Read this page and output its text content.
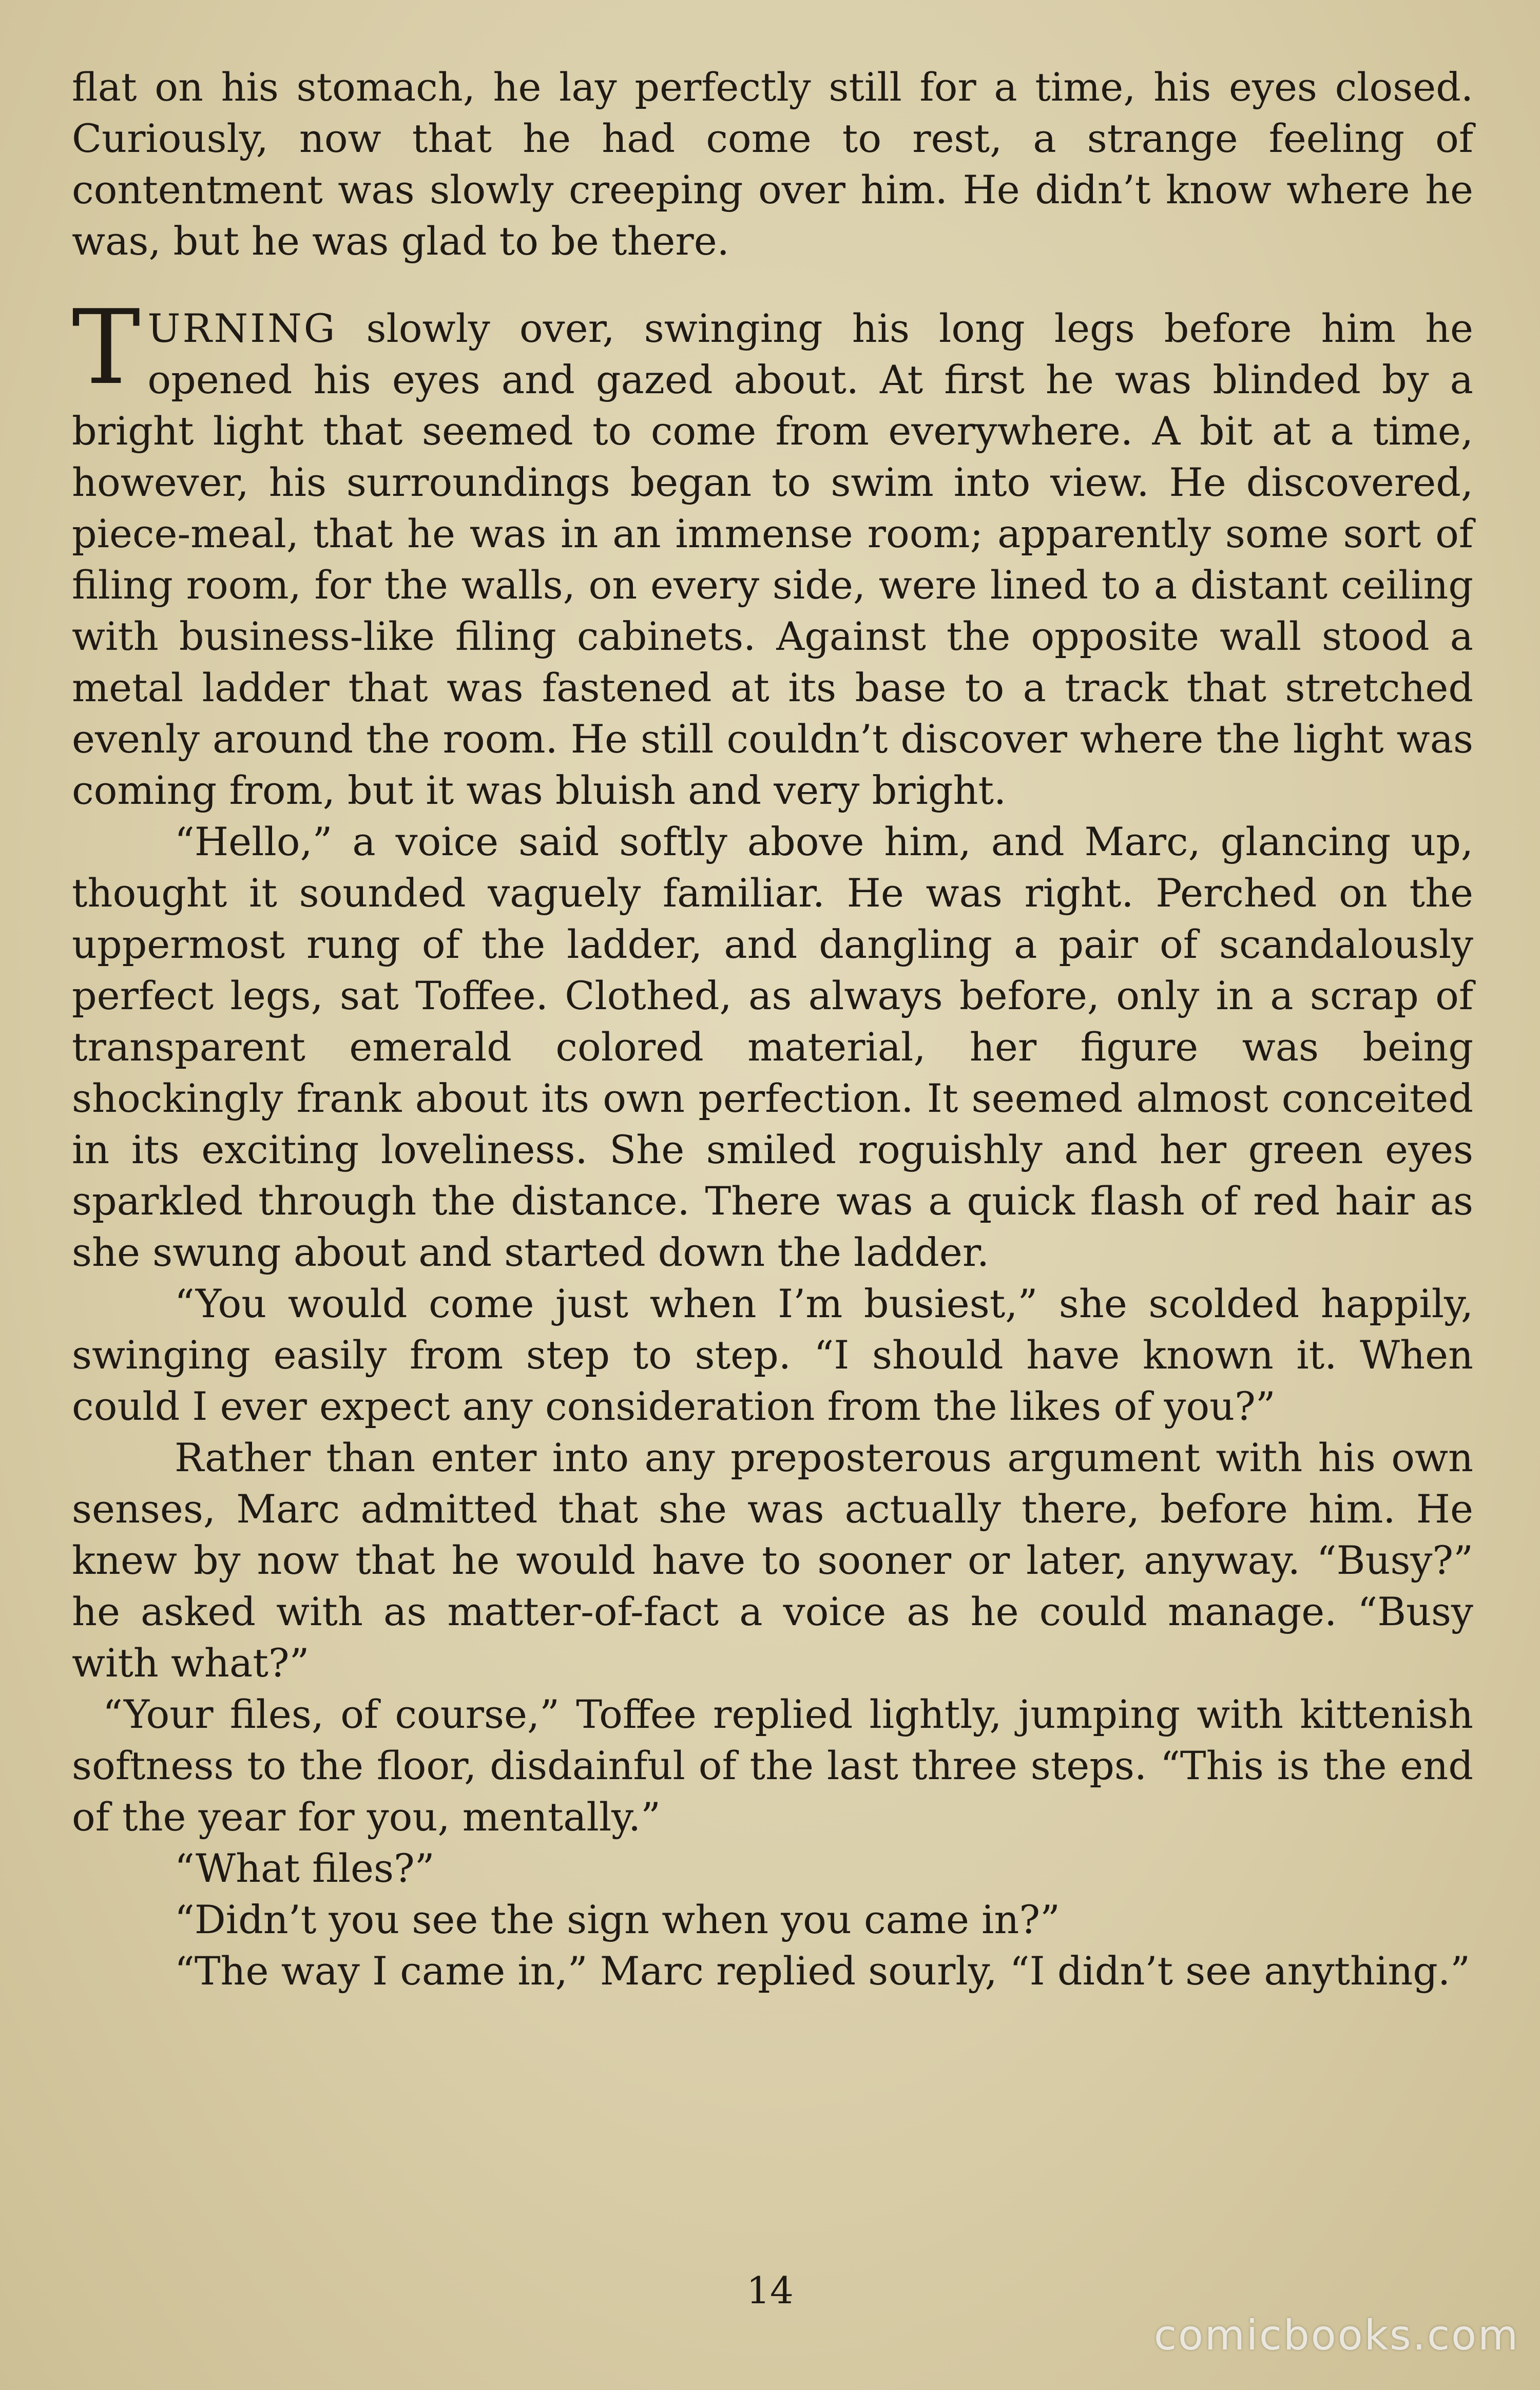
flat on his stomach, he lay perfectly still for a time, his eyes closed. Curiously, now that he had come to rest, a strange feeling of contentment was slowly creeping over him. He didn’t know where he was, but he was glad to be there.

TURNING slowly over, swinging his long legs before him he opened his eyes and gazed about. At first he was blinded by a bright light that seemed to come from everywhere. A bit at a time, however, his surroundings began to swim into view. He discovered, piece-meal, that he was in an immense room; apparently some sort of filing room, for the walls, on every side, were lined to a distant ceiling with business-like filing cabinets. Against the opposite wall stood a metal ladder that was fastened at its base to a track that stretched evenly around the room. He still couldn’t discover where the light was coming from, but it was bluish and very bright.

“Hello,” a voice said softly above him, and Marc, glancing up, thought it sounded vaguely familiar. He was right. Perched on the uppermost rung of the ladder, and dangling a pair of scandalously perfect legs, sat Toffee. Clothed, as always before, only in a scrap of transparent emerald colored material, her figure was being shockingly frank about its own perfection. It seemed almost conceited in its exciting loveliness. She smiled roguishly and her green eyes sparkled through the distance. There was a quick flash of red hair as she swung about and started down the ladder.

“You would come just when I’m busiest,” she scolded happily, swinging easily from step to step. “I should have known it. When could I ever expect any consideration from the likes of you?”

Rather than enter into any preposterous argument with his own senses, Marc admitted that she was actually there, before him. He knew by now that he would have to sooner or later, anyway. “Busy?” he asked with as matter-of-fact a voice as he could manage. “Busy with what?”

“Your files, of course,” Toffee replied lightly, jumping with kittenish softness to the floor, disdainful of the last three steps. “This is the end of the year for you, mentally.”

“What files?”

“Didn’t you see the sign when you came in?”

“The way I came in,” Marc replied sourly, “I didn’t see anything.”

14
comicbooks.com
